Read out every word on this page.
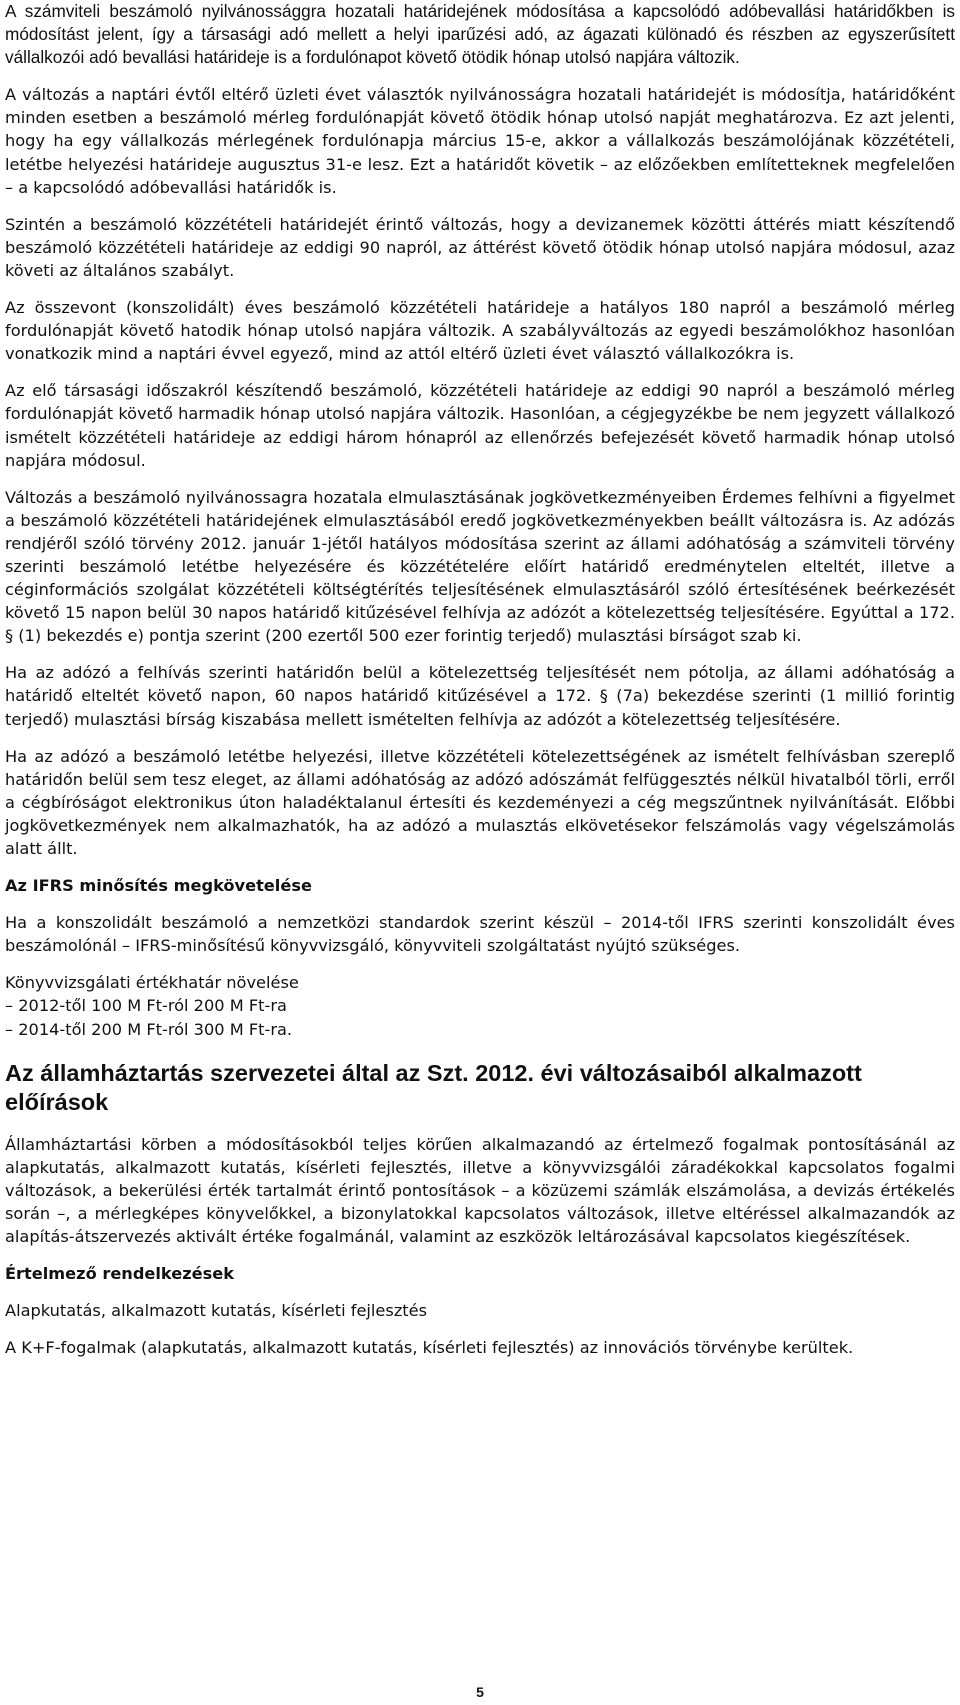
A számviteli beszámoló nyilvánossággra hozatali határidejének módosítása a kapcsolódó adóbevallási határidőkben is módosítást jelent, így a társasági adó mellett a helyi iparűzési adó, az ágazati különadó és részben az egyszerűsített vállalkozói adó bevallási határideje is a fordulónapot követő ötödik hónap utolsó napjára változik.

A változás a naptári évtől eltérő üzleti évet választók nyilvánosságra hozatali határidejét is módosítja, határidőként minden esetben a beszámoló mérleg fordulónapját követő ötödik hónap utolsó napját meghatározva. Ez azt jelenti, hogy ha egy vállalkozás mérlegének fordulónapja március 15-e, akkor a vállalkozás beszámolójának közzétételi, letétbe helyezési határideje augusztus 31-e lesz. Ezt a határidőt követik – az előzőekben említetteknek megfelelően – a kapcsolódó adóbevallási határidők is.

Szintén a beszámoló közzétételi határidejét érintő változás, hogy a devizanemek közötti áttérés miatt készítendő beszámoló közzétételi határideje az eddigi 90 napról, az áttérést követő ötödik hónap utolsó napjára módosul, azaz követi az általános szabályt.

Az összevont (konszolidált) éves beszámoló közzétételi határideje a hatályos 180 napról a beszámoló mérleg fordulónapját követő hatodik hónap utolsó napjára változik. A szabályváltozás az egyedi beszámolókhoz hasonlóan vonatkozik mind a naptári évvel egyező, mind az attól eltérő üzleti évet választó vállalkozókra is.

Az elő társasági időszakról készítendő beszámoló, közzétételi határideje az eddigi 90 napról a beszámoló mérleg fordulónapját követő harmadik hónap utolsó napjára változik. Hasonlóan, a cégjegyzékbe be nem jegyzett vállalkozó ismételt közzétételi határideje az eddigi három hónapról az ellenőrzés befejezését követő harmadik hónap utolsó napjára módosul.

Változás a beszámoló nyilvánossagra hozatala elmulasztásának jogkövetkezményeiben Érdemes felhívni a figyelmet a beszámoló közzétételi határidejének elmulasztásából eredő jogkövetkezményekben beállt változásra is. Az adózás rendjéről szóló törvény 2012. január 1-jétől hatályos módosítása szerint az állami adóhatóság a számviteli törvény szerinti beszámoló letétbe helyezésére és közzétételére előírt határidő eredménytelen elteltét, illetve a céginformációs szolgálat közzétételi költségtérítés teljesítésének elmulasztásáról szóló értesítésének beérkezését követő 15 napon belül 30 napos határidő kitűzésével felhívja az adózót a kötelezettség teljesítésére. Egyúttal a 172. § (1) bekezdés e) pontja szerint (200 ezertől 500 ezer forintig terjedő) mulasztási bírságot szab ki.

Ha az adózó a felhívás szerinti határidőn belül a kötelezettség teljesítését nem pótolja, az állami adóhatóság a határidő elteltét követő napon, 60 napos határidő kitűzésével a 172. § (7a) bekezdése szerinti (1 millió forintig terjedő) mulasztási bírság kiszabása mellett ismételten felhívja az adózót a kötelezettség teljesítésére.

Ha az adózó a beszámoló letétbe helyezési, illetve közzétételi kötelezettségének az ismételt felhívásban szereplő határidőn belül sem tesz eleget, az állami adóhatóság az adózó adószámát felfüggesztés nélkül hivatalból törli, erről a cégbíróságot elektronikus úton haladéktalanul értesíti és kezdeményezi a cég megszűntnek nyilvánítását. Előbbi jogkövetkezmények nem alkalmazhatók, ha az adózó a mulasztás elkövetésekor felszámolás vagy végelszámolás alatt állt.

Az IFRS minősítés megkövetelése

Ha a konszolidált beszámoló a nemzetközi standardok szerint készül – 2014-től IFRS szerinti konszolidált éves beszámolónál – IFRS-minősítésű könyvvizsgáló, könyvviteli szolgáltatást nyújtó szükséges.

Könyvvizsgálati értékhatár növelése
– 2012-től 100 M Ft-ról 200 M Ft-ra
– 2014-től 200 M Ft-ról 300 M Ft-ra.
Az államháztartás szervezetei által az Szt. 2012. évi változásaiból alkalmazott előírások

Államháztartási körben a módosításokból teljes körűen alkalmazandó az értelmező fogalmak pontosításánál az alapkutatás, alkalmazott kutatás, kísérleti fejlesztés, illetve a könyvvizsgálói záradékokkal kapcsolatos fogalmi változások, a bekerülési érték tartalmát érintő pontosítások – a közüzemi számlák elszámolása, a devizás értékelés során –, a mérlegképes könyvelőkkel, a bizonylatokkal kapcsolatos változások, illetve eltéréssel alkalmazandók az alapítás-átszervezés aktivált értéke fogalmánál, valamint az eszközök leltározásával kapcsolatos kiegészítések.

Értelmező rendelkezések

Alapkutatás, alkalmazott kutatás, kísérleti fejlesztés

A K+F-fogalmak (alapkutatás, alkalmazott kutatás, kísérleti fejlesztés) az innovációs törvénybe kerültek.

5
